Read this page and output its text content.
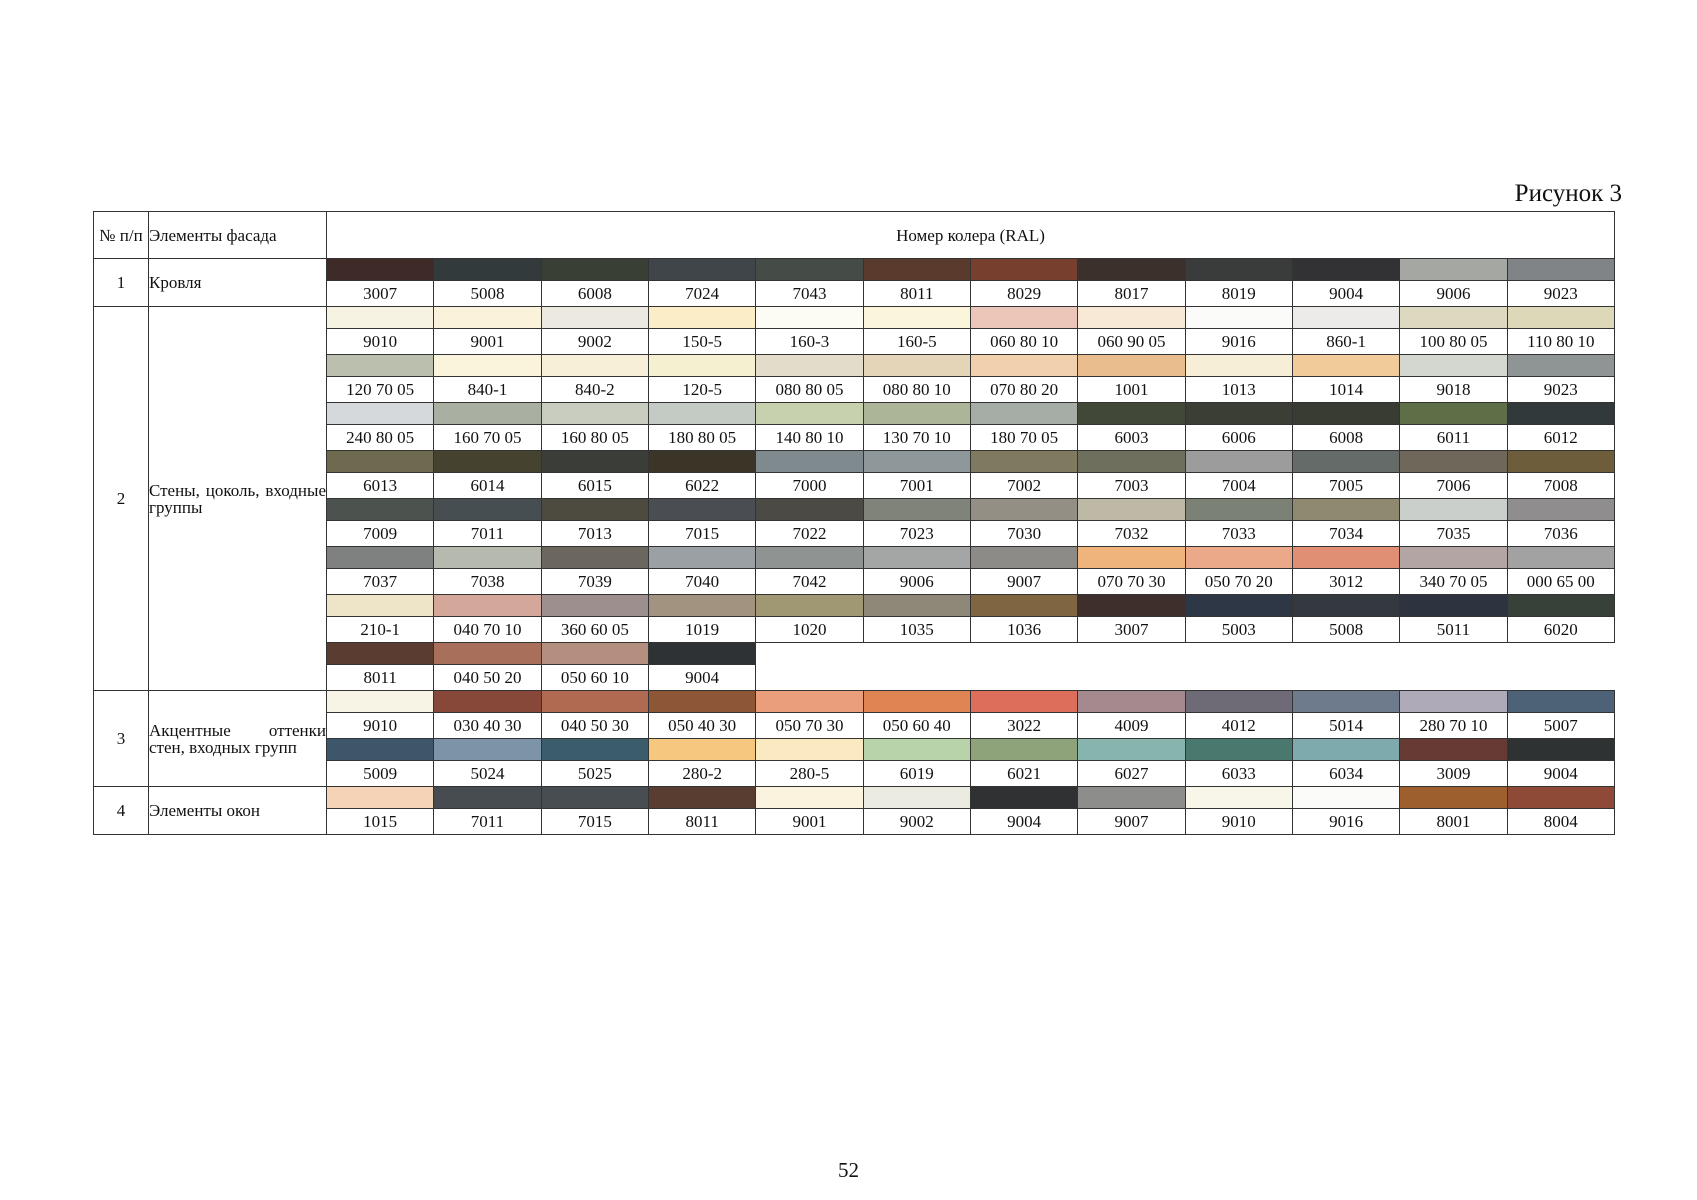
Рисунок 3
№ п/п	Элементы фасада	Номер колера (RAL)											
1	Кровля												
		3007	5008	6008	7024	7043	8011	8029	8017	8019	9004	9006	9023
2	Стены, цоколь, входные группы												
		9010	9001	9002	150-5	160-3	160-5	060 80 10	060 90 05	9016	860-1	100 80 05	110 80 10

		120 70 05	840-1	840-2	120-5	080 80 05	080 80 10	070 80 20	1001	1013	1014	9018	9023

		240 80 05	160 70 05	160 80 05	180 80 05	140 80 10	130 70 10	180 70 05	6003	6006	6008	6011	6012

		6013	6014	6015	6022	7000	7001	7002	7003	7004	7005	7006	7008

		7009	7011	7013	7015	7022	7023	7030	7032	7033	7034	7035	7036

		7037	7038	7039	7040	7042	9006	9007	070 70 30	050 70 20	3012	340 70 05	000 65 00

		210-1	040 70 10	360 60 05	1019	1020	1035	1036	3007	5003	5008	5011	6020

		8011	040 50 20	050 60 10	9004								
3	Акцентные оттенки стен, входных групп												
		9010	030 40 30	040 50 30	050 40 30	050 70 30	050 60 40	3022	4009	4012	5014	280 70 10	5007

		5009	5024	5025	280-2	280-5	6019	6021	6027	6033	6034	3009	9004
4	Элементы окон												
		1015	7011	7015	8011	9001	9002	9004	9007	9010	9016	8001	8004
52
